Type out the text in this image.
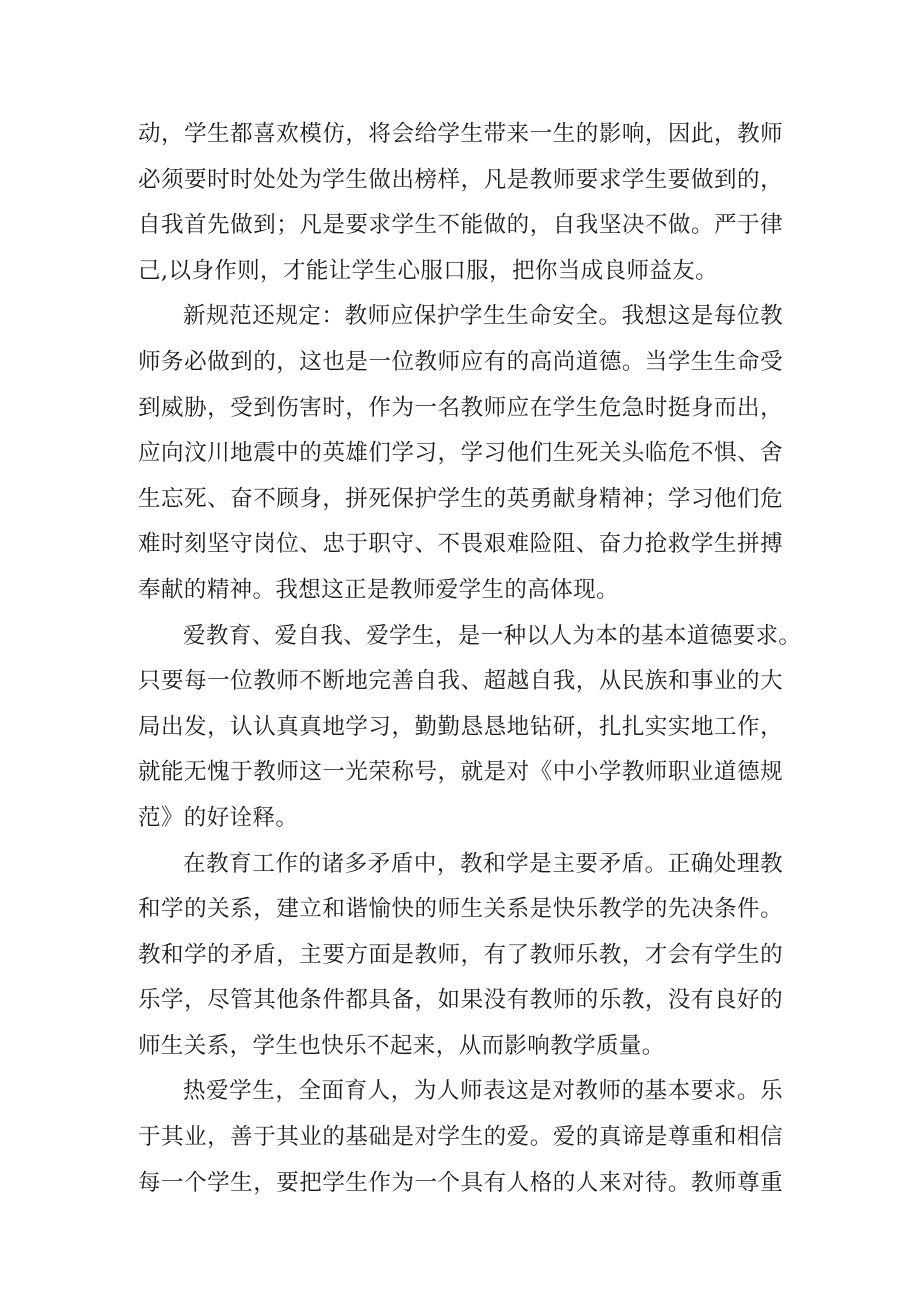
动，学生都喜欢模仿，将会给学生带来一生的影响，因此，教师
必须要时时处处为学生做出榜样，凡是教师要求学生要做到的，
自我首先做到；凡是要求学生不能做的，自我坚决不做。严于律
己,以身作则，才能让学生心服口服，把你当成良师益友。
新规范还规定：教师应保护学生生命安全。我想这是每位教
师务必做到的，这也是一位教师应有的高尚道德。当学生生命受
到威胁，受到伤害时，作为一名教师应在学生危急时挺身而出，
应向汶川地震中的英雄们学习，学习他们生死关头临危不惧、舍
生忘死、奋不顾身，拼死保护学生的英勇献身精神；学习他们危
难时刻坚守岗位、忠于职守、不畏艰难险阻、奋力抢救学生拼搏
奉献的精神。我想这正是教师爱学生的高体现。
爱教育、爱自我、爱学生，是一种以人为本的基本道德要求。
只要每一位教师不断地完善自我、超越自我，从民族和事业的大
局出发，认认真真地学习，勤勤恳恳地钻研，扎扎实实地工作，
就能无愧于教师这一光荣称号，就是对《中小学教师职业道德规
范》的好诠释。
在教育工作的诸多矛盾中，教和学是主要矛盾。正确处理教
和学的关系，建立和谐愉快的师生关系是快乐教学的先决条件。
教和学的矛盾，主要方面是教师，有了教师乐教，才会有学生的
乐学，尽管其他条件都具备，如果没有教师的乐教，没有良好的
师生关系，学生也快乐不起来，从而影响教学质量。
热爱学生，全面育人，为人师表这是对教师的基本要求。乐
于其业，善于其业的基础是对学生的爱。爱的真谛是尊重和相信
每一个学生，要把学生作为一个具有人格的人来对待。教师尊重
